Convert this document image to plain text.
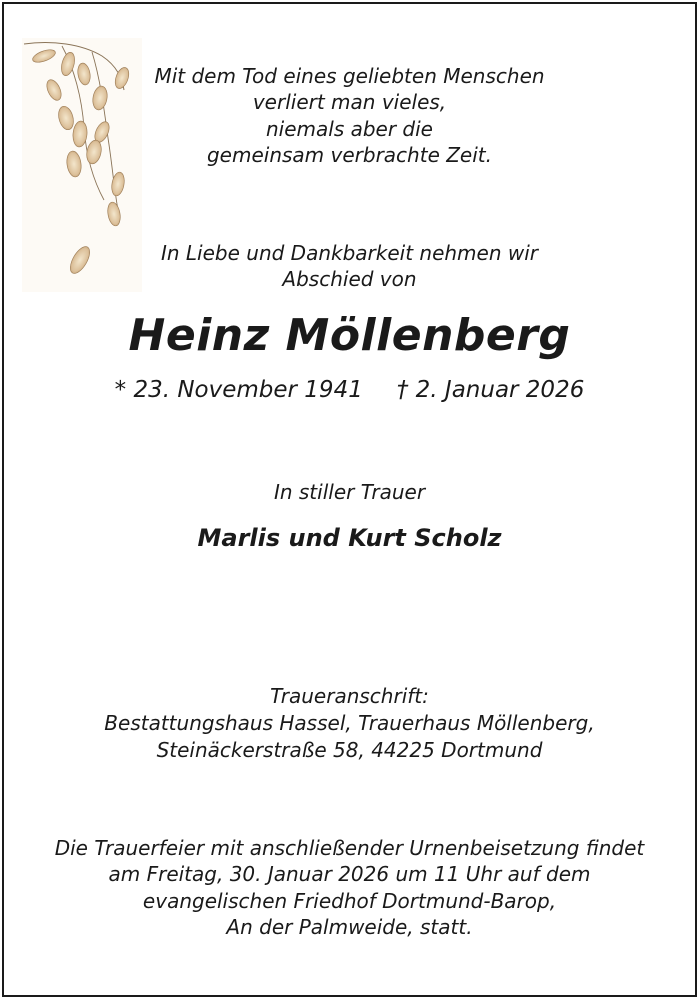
Mit dem Tod eines geliebten Menschen
verliert man vieles,
niemals aber die
gemeinsam verbrachte Zeit.
In Liebe und Dankbarkeit nehmen wir
Abschied von
Heinz Möllenberg
* 23. November 1941 † 2. Januar 2026
In stiller Trauer
Marlis und Kurt Scholz
Traueranschrift:
Bestattungshaus Hassel, Trauerhaus Möllenberg,
Steinäckerstraße 58, 44225 Dortmund
Die Trauerfeier mit anschließender Urnenbeisetzung findet
am Freitag, 30. Januar 2026 um 11 Uhr auf dem
evangelischen Friedhof Dortmund-Barop,
An der Palmweide, statt.
